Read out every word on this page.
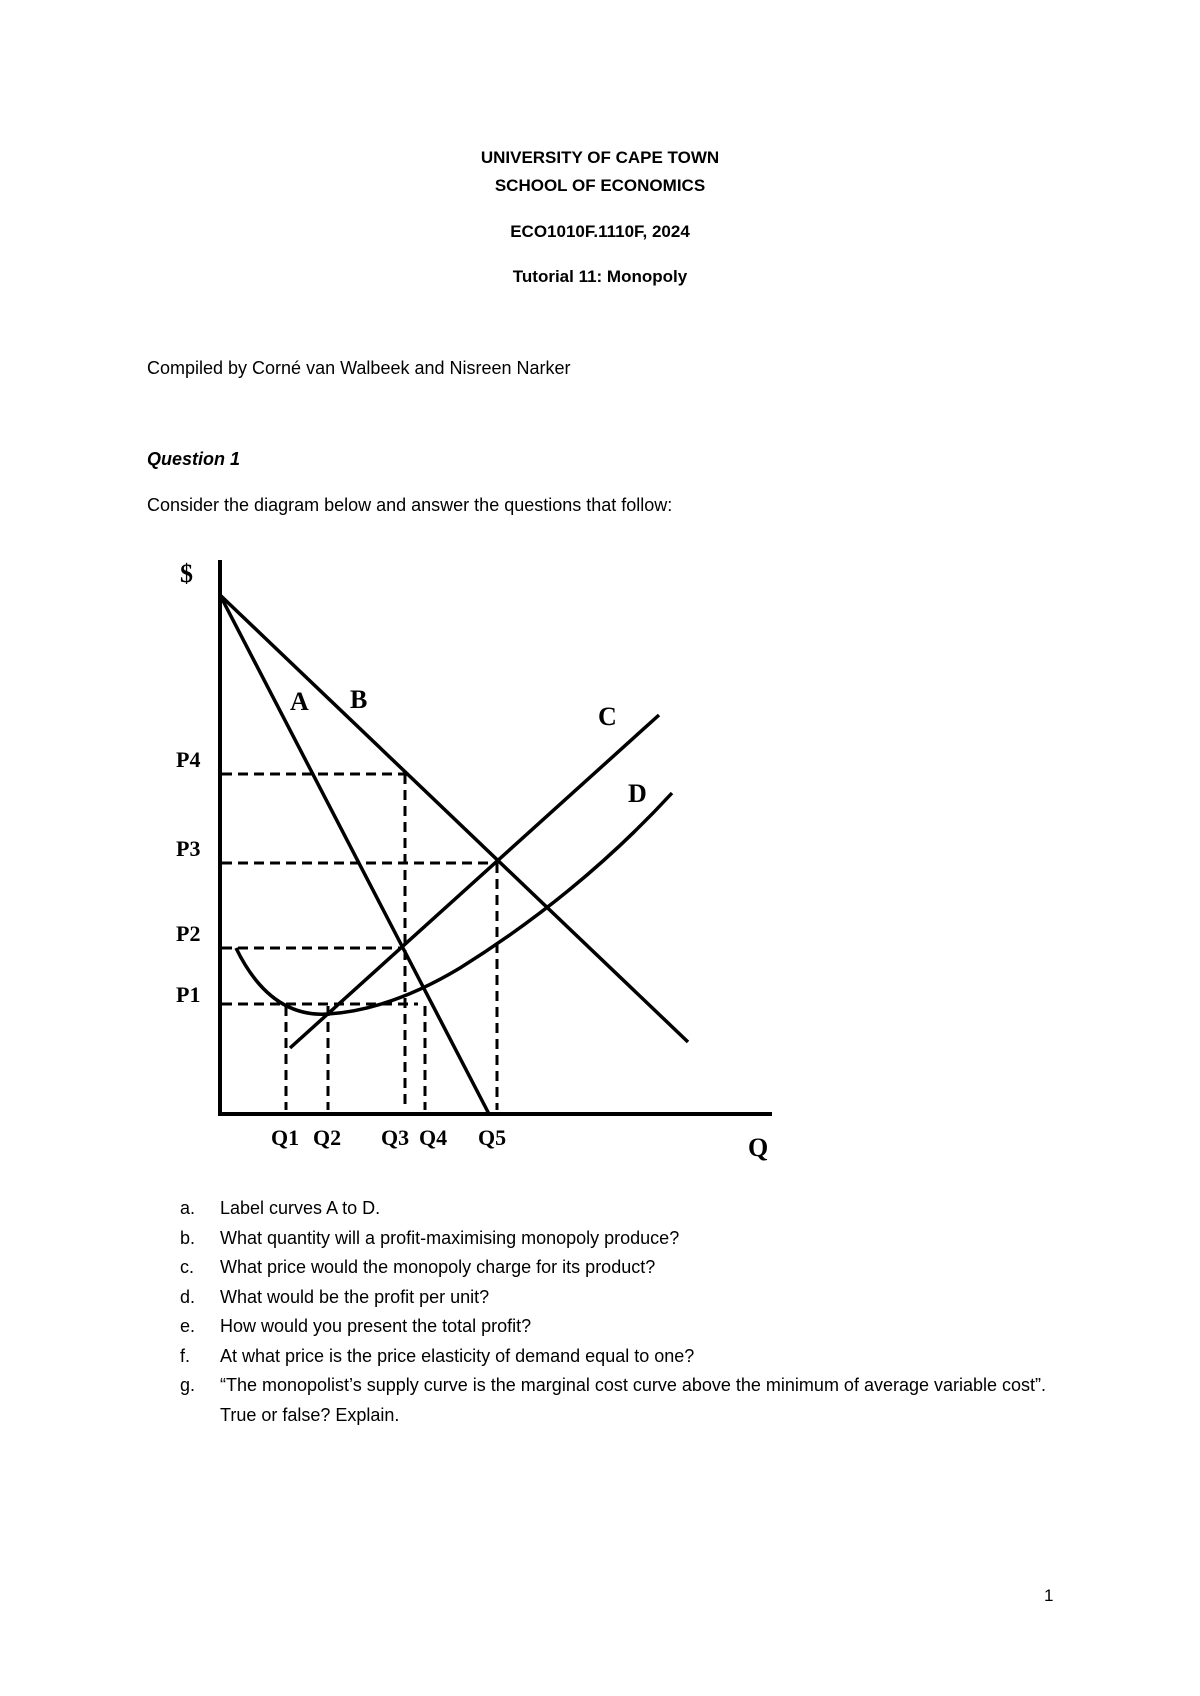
UNIVERSITY OF CAPE TOWN
SCHOOL OF ECONOMICS
ECO1010F.1110F, 2024
Tutorial 11: Monopoly
Compiled by Corné van Walbeek and Nisreen Narker
Question 1
Consider the diagram below and answer the questions that follow:
A B
C
D
$
Q
P4
P3
P2
P1
Q1 Q2 Q3 Q4 Q5
a. Label curves A to D.
b. What quantity will a profit-maximising monopoly produce?
c. What price would the monopoly charge for its product?
d. What would be the profit per unit?
e. How would you present the total profit?
f. At what price is the price elasticity of demand equal to one?
g. “The monopolist’s supply curve is the marginal cost curve above the minimum of average variable cost”. True or false? Explain.
1
